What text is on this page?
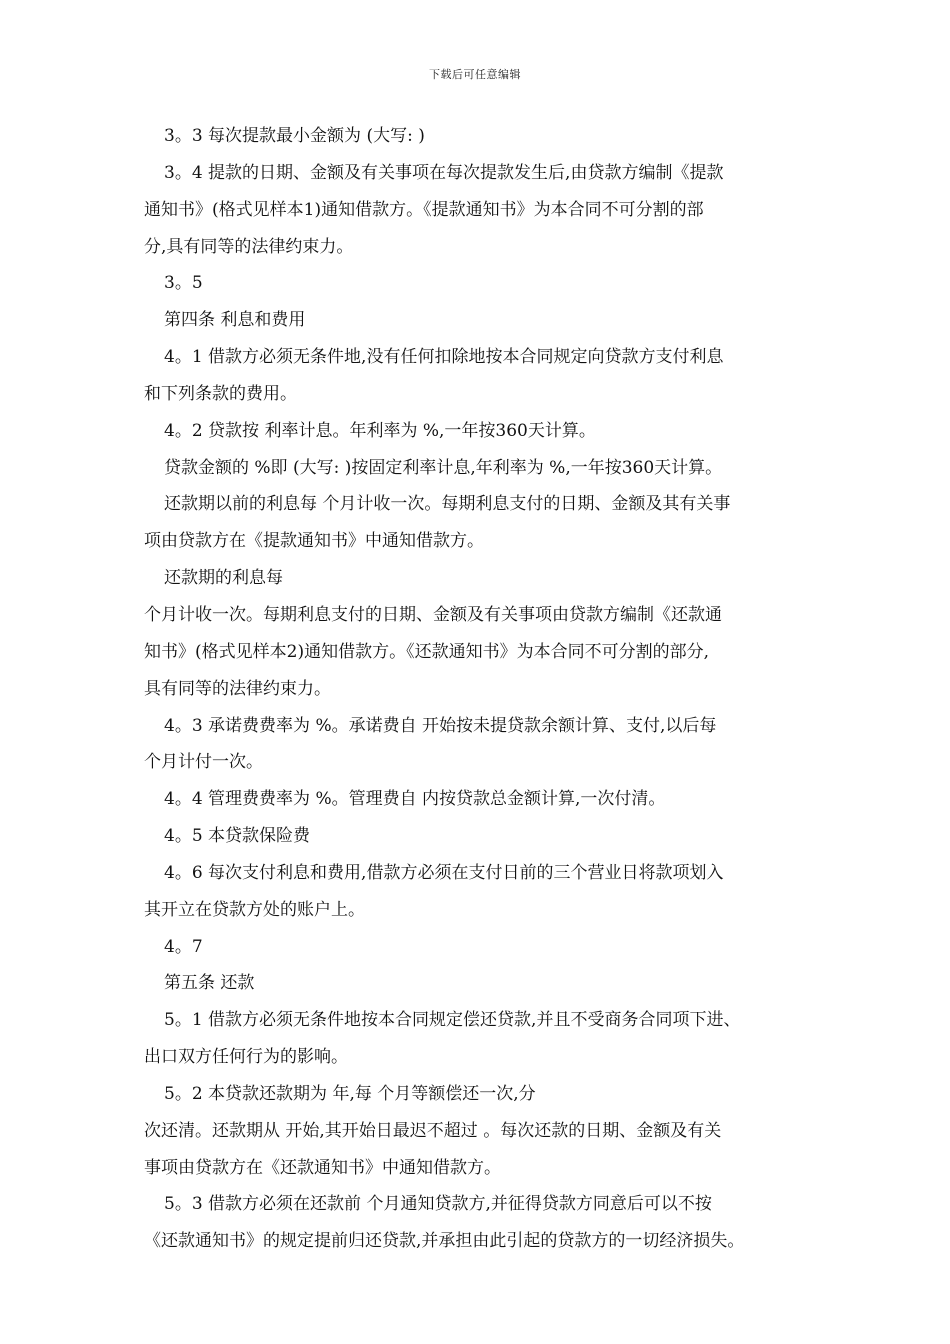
下载后可任意编辑
3。3 每次提款最小金额为 (大写: )
3。4 提款的日期、金额及有关事项在每次提款发生后,由贷款方编制《提款
通知书》(格式见样本1)通知借款方。《提款通知书》为本合同不可分割的部
分,具有同等的法律约束力。
3。5
第四条 利息和费用
4。1 借款方必须无条件地,没有任何扣除地按本合同规定向贷款方支付利息
和下列条款的费用。
4。2 贷款按 利率计息。年利率为 %,一年按360天计算。
贷款金额的 %即 (大写: )按固定利率计息,年利率为 %,一年按360天计算。
还款期以前的利息每 个月计收一次。每期利息支付的日期、金额及其有关事
项由贷款方在《提款通知书》中通知借款方。
还款期的利息每
个月计收一次。每期利息支付的日期、金额及有关事项由贷款方编制《还款通
知书》(格式见样本2)通知借款方。《还款通知书》为本合同不可分割的部分,
具有同等的法律约束力。
4。3 承诺费费率为 %。承诺费自 开始按未提贷款余额计算、支付,以后每
个月计付一次。
4。4 管理费费率为 %。管理费自 内按贷款总金额计算,一次付清。
4。5 本贷款保险费
4。6 每次支付利息和费用,借款方必须在支付日前的三个营业日将款项划入
其开立在贷款方处的账户上。
4。7
第五条 还款
5。1 借款方必须无条件地按本合同规定偿还贷款,并且不受商务合同项下进、
出口双方任何行为的影响。
5。2 本贷款还款期为 年,每 个月等额偿还一次,分
次还清。还款期从 开始,其开始日最迟不超过 。每次还款的日期、金额及有关
事项由贷款方在《还款通知书》中通知借款方。
5。3 借款方必须在还款前 个月通知贷款方,并征得贷款方同意后可以不按
《还款通知书》的规定提前归还贷款,并承担由此引起的贷款方的一切经济损失。
